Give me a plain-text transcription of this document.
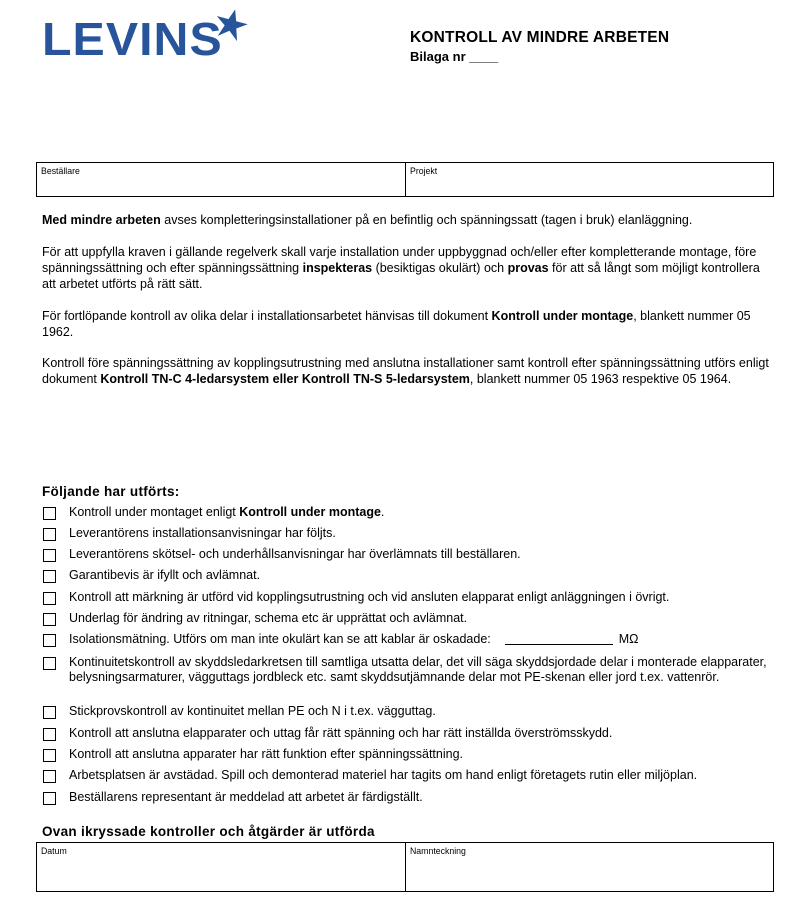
LEVINS	KONTROLL AV MINDRE ARBETEN
Bilaga nr ____
Beställare	Projekt
Med mindre arbeten avses kompletteringsinstallationer på en befintlig och spänningssatt (tagen i bruk) elanläggning.
För att uppfylla kraven i gällande regelverk skall varje installation under uppbyggnad och/eller efter kompletterande montage, före spänningssättning och efter spänningssättning inspekteras (besiktigas okulärt) och provas för att så långt som möjligt kontrollera att arbetet utförts på rätt sätt.
För fortlöpande kontroll av olika delar i installationsarbetet hänvisas till dokument Kontroll under montage, blankett nummer 05 1962.
Kontroll före spänningssättning av kopplingsutrustning med anslutna installationer samt kontroll efter spänningssättning utförs enligt dokument Kontroll TN-C 4-ledarsystem eller Kontroll TN-S 5-ledarsystem, blankett nummer 05 1963 respektive 05 1964.
Följande har utförts:
Kontroll under montaget enligt Kontroll under montage.
Leverantörens installationsanvisningar har följts.
Leverantörens skötsel- och underhållsanvisningar har överlämnats till beställaren.
Garantibevis är ifyllt och avlämnat.
Kontroll att märkning är utförd vid kopplingsutrustning och vid ansluten elapparat enligt anläggningen i övrigt.
Underlag för ändring av ritningar, schema etc är upprättat och avlämnat.
Isolationsmätning. Utförs om man inte okulärt kan se att kablar är oskadade:	MΩ
Kontinuitetskontroll av skyddsledarkretsen till samtliga utsatta delar, det vill säga skyddsjordade delar i monterade elapparater, belysningsarmaturer, vägguttags jordbleck etc. samt skyddsutjämnande delar mot PE-skenan eller jord t.ex. vattenrör.
Stickprovskontroll av kontinuitet mellan PE och N i t.ex. vägguttag.
Kontroll att anslutna elapparater och uttag får rätt spänning och har rätt inställda överströmsskydd.
Kontroll att anslutna apparater har rätt funktion efter spänningssättning.
Arbetsplatsen är avstädad. Spill och demonterad materiel har tagits om hand enligt företagets rutin eller miljöplan.
Beställarens representant är meddelad att arbetet är färdigställt.
Ovan ikryssade kontroller och åtgärder är utförda
Datum	Namnteckning
